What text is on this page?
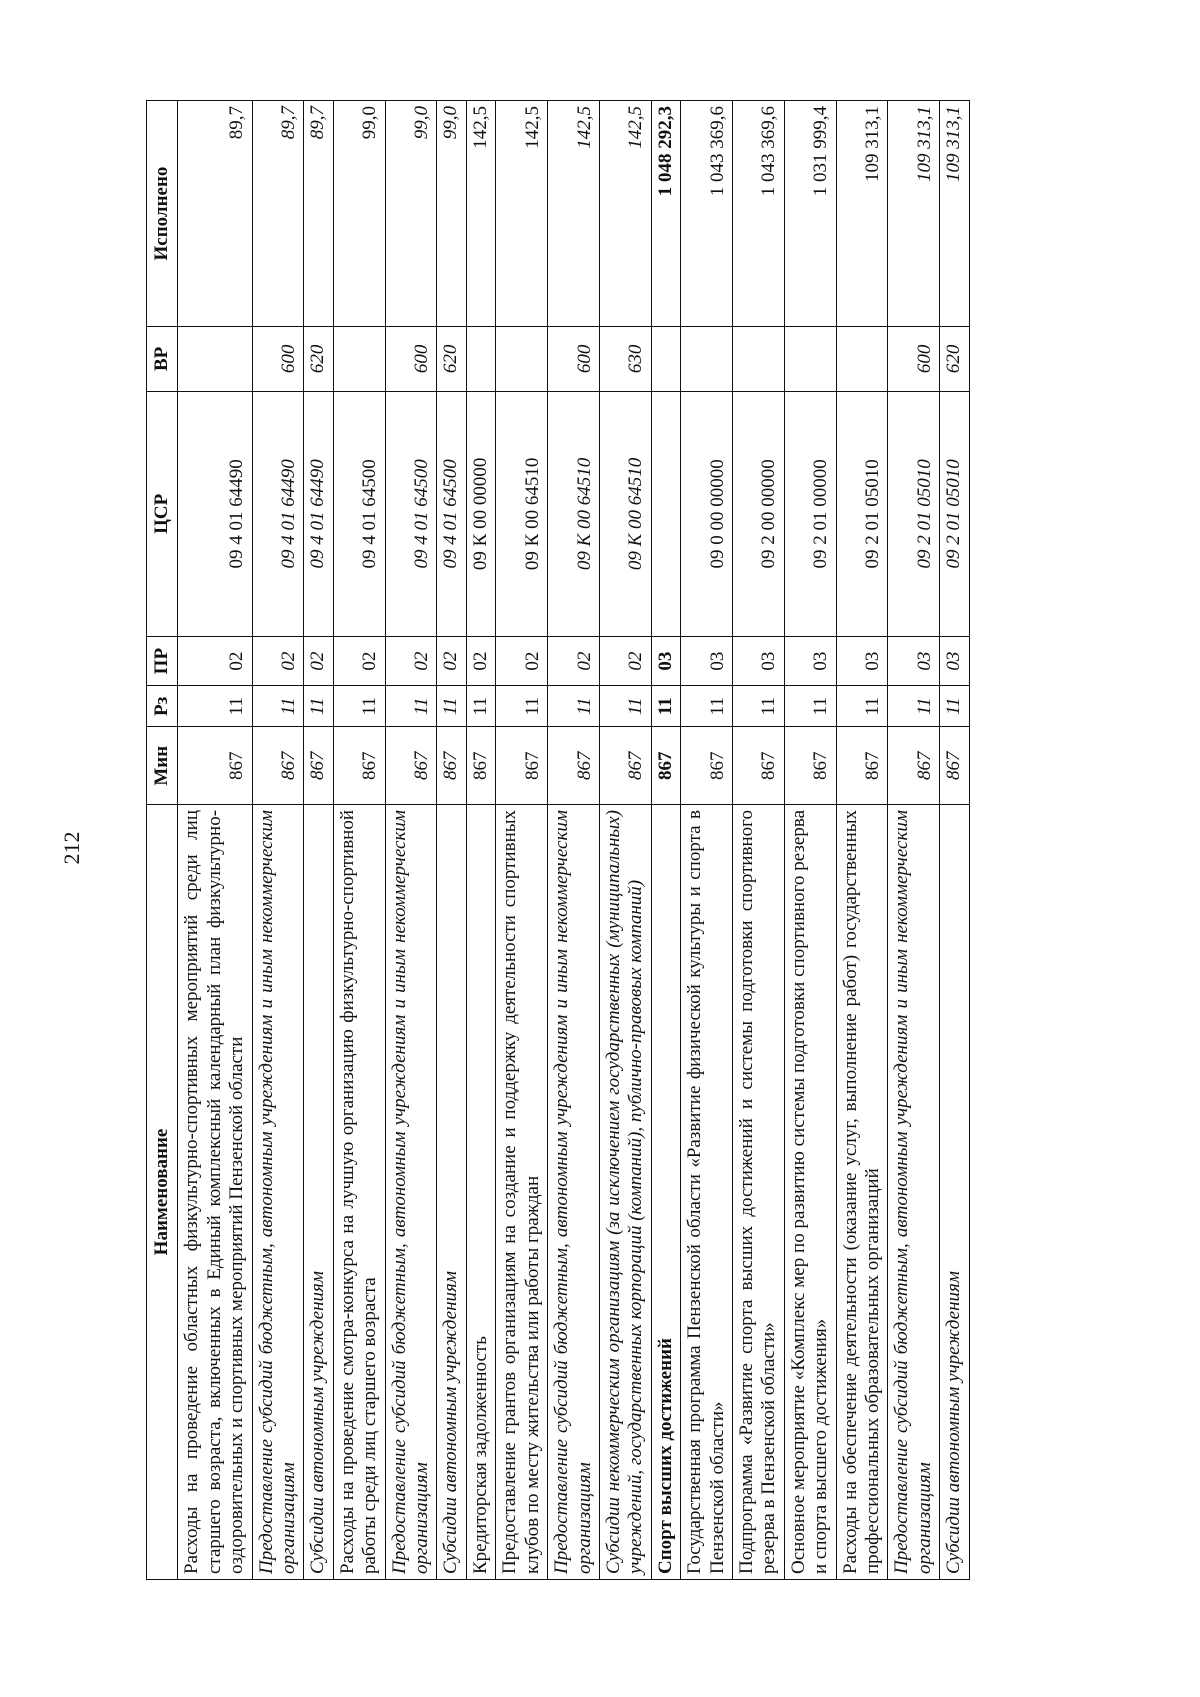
212
Наименование	Мин	Рз	ПР	ЦСР	ВР	Исполнено
Расходы на проведение областных физкультурно-спортивных мероприятий среди лиц старшего возраста, включенных в Единый комплексный календарный план физкультурно-оздоровительных и спортивных мероприятий Пензенской области	867	11	02	09 4 01 64490		89,7
Предоставление субсидий бюджетным, автономным учреждениям и иным некоммерческим организациям	867	11	02	09 4 01 64490	600	89,7
Субсидии автономным учреждениям	867	11	02	09 4 01 64490	620	89,7
Расходы на проведение смотра-конкурса на лучшую организацию физкультурно-спортивной работы среди лиц старшего возраста	867	11	02	09 4 01 64500		99,0
Предоставление субсидий бюджетным, автономным учреждениям и иным некоммерческим организациям	867	11	02	09 4 01 64500	600	99,0
Субсидии автономным учреждениям	867	11	02	09 4 01 64500	620	99,0
Кредиторская задолженность	867	11	02	09 К 00 00000		142,5
Предоставление грантов организациям на создание и поддержку деятельности спортивных клубов по месту жительства или работы граждан	867	11	02	09 К 00 64510		142,5
Предоставление субсидий бюджетным, автономным учреждениям и иным некоммерческим организациям	867	11	02	09 К 00 64510	600	142,5
Субсидии некоммерческим организациям (за исключением государственных (муниципальных) учреждений, государственных корпораций (компаний), публично-правовых компаний)	867	11	02	09 К 00 64510	630	142,5
Спорт высших достижений	867	11	03			1 048 292,3
Государственная программа Пензенской области «Развитие физической культуры и спорта в Пензенской области»	867	11	03	09 0 00 00000		1 043 369,6
Подпрограмма «Развитие спорта высших достижений и системы подготовки спортивного резерва в Пензенской области»	867	11	03	09 2 00 00000		1 043 369,6
Основное мероприятие «Комплекс мер по развитию системы подготовки спортивного резерва и спорта высшего достижения»	867	11	03	09 2 01 00000		1 031 999,4
Расходы на обеспечение деятельности (оказание услуг, выполнение работ) государственных профессиональных образовательных организаций	867	11	03	09 2 01 05010		109 313,1
Предоставление субсидий бюджетным, автономным учреждениям и иным некоммерческим организациям	867	11	03	09 2 01 05010	600	109 313,1
Субсидии автономным учреждениям	867	11	03	09 2 01 05010	620	109 313,1
